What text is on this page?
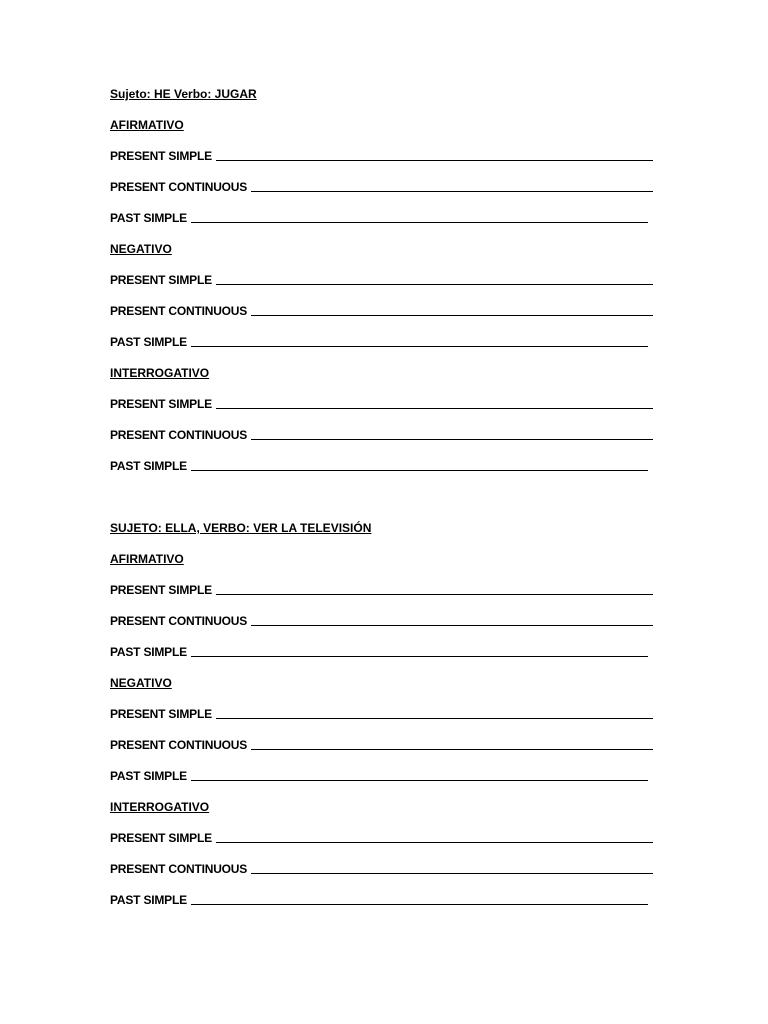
Sujeto: HE Verbo: JUGAR
AFIRMATIVO
PRESENT SIMPLE
PRESENT CONTINUOUS
PAST SIMPLE
NEGATIVO
PRESENT SIMPLE
PRESENT CONTINUOUS
PAST SIMPLE
INTERROGATIVO
PRESENT SIMPLE
PRESENT CONTINUOUS
PAST SIMPLE
SUJETO: ELLA, VERBO: VER LA TELEVISIÓN
AFIRMATIVO
PRESENT SIMPLE
PRESENT CONTINUOUS
PAST SIMPLE
NEGATIVO
PRESENT SIMPLE
PRESENT CONTINUOUS
PAST SIMPLE
INTERROGATIVO
PRESENT SIMPLE
PRESENT CONTINUOUS
PAST SIMPLE
